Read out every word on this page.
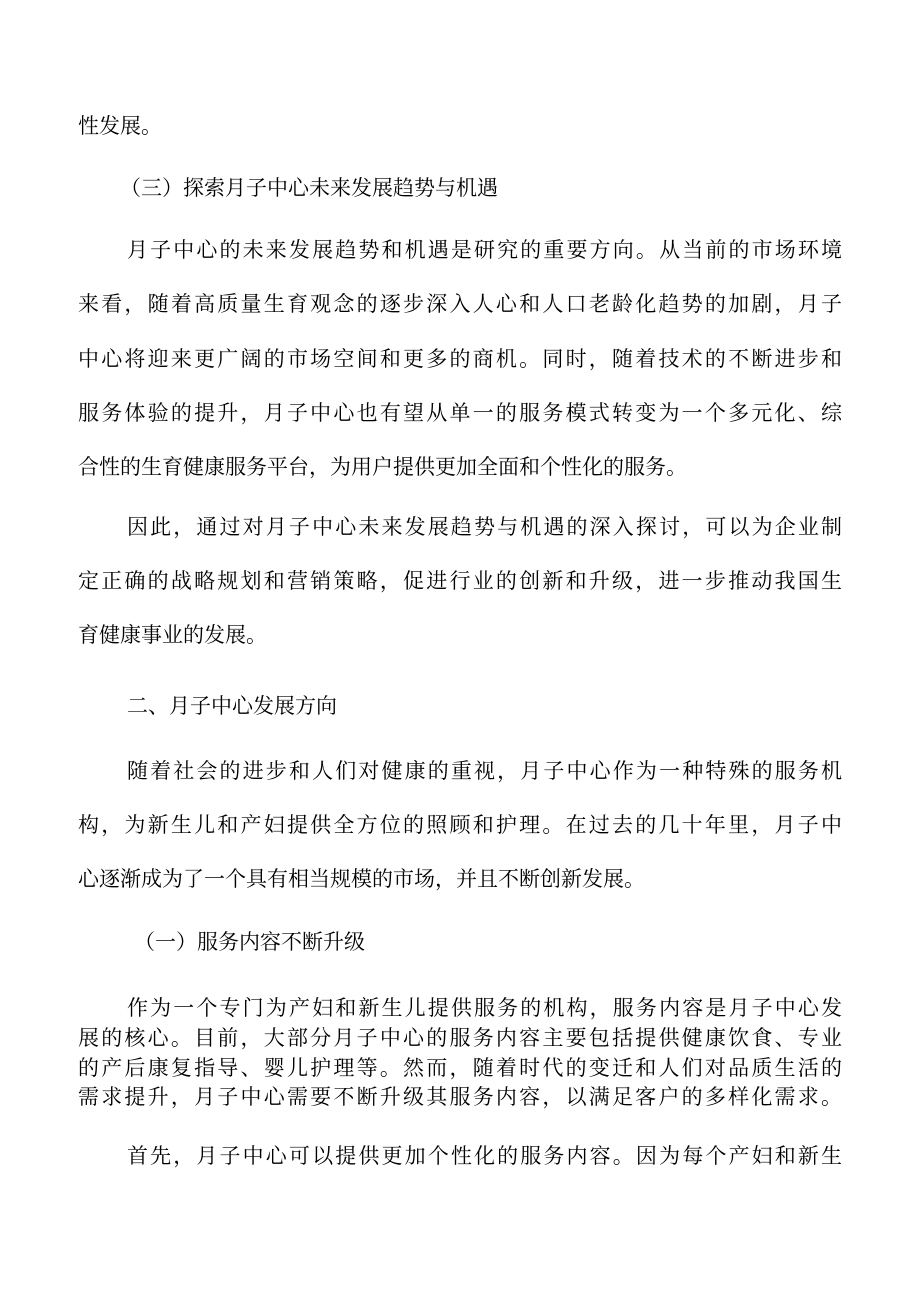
性发展。
（三）探索月子中心未来发展趋势与机遇
月子中心的未来发展趋势和机遇是研究的重要方向。从当前的市场环境
来看，随着高质量生育观念的逐步深入人心和人口老龄化趋势的加剧，月子
中心将迎来更广阔的市场空间和更多的商机。同时，随着技术的不断进步和
服务体验的提升，月子中心也有望从单一的服务模式转变为一个多元化、综
合性的生育健康服务平台，为用户提供更加全面和个性化的服务。
因此，通过对月子中心未来发展趋势与机遇的深入探讨，可以为企业制
定正确的战略规划和营销策略，促进行业的创新和升级，进一步推动我国生
育健康事业的发展。
二、月子中心发展方向
随着社会的进步和人们对健康的重视，月子中心作为一种特殊的服务机
构，为新生儿和产妇提供全方位的照顾和护理。在过去的几十年里，月子中
心逐渐成为了一个具有相当规模的市场，并且不断创新发展。
（一）服务内容不断升级
作为一个专门为产妇和新生儿提供服务的机构，服务内容是月子中心发
展的核心。目前，大部分月子中心的服务内容主要包括提供健康饮食、专业
的产后康复指导、婴儿护理等。然而，随着时代的变迁和人们对品质生活的
需求提升，月子中心需要不断升级其服务内容，以满足客户的多样化需求。
首先，月子中心可以提供更加个性化的服务内容。因为每个产妇和新生
